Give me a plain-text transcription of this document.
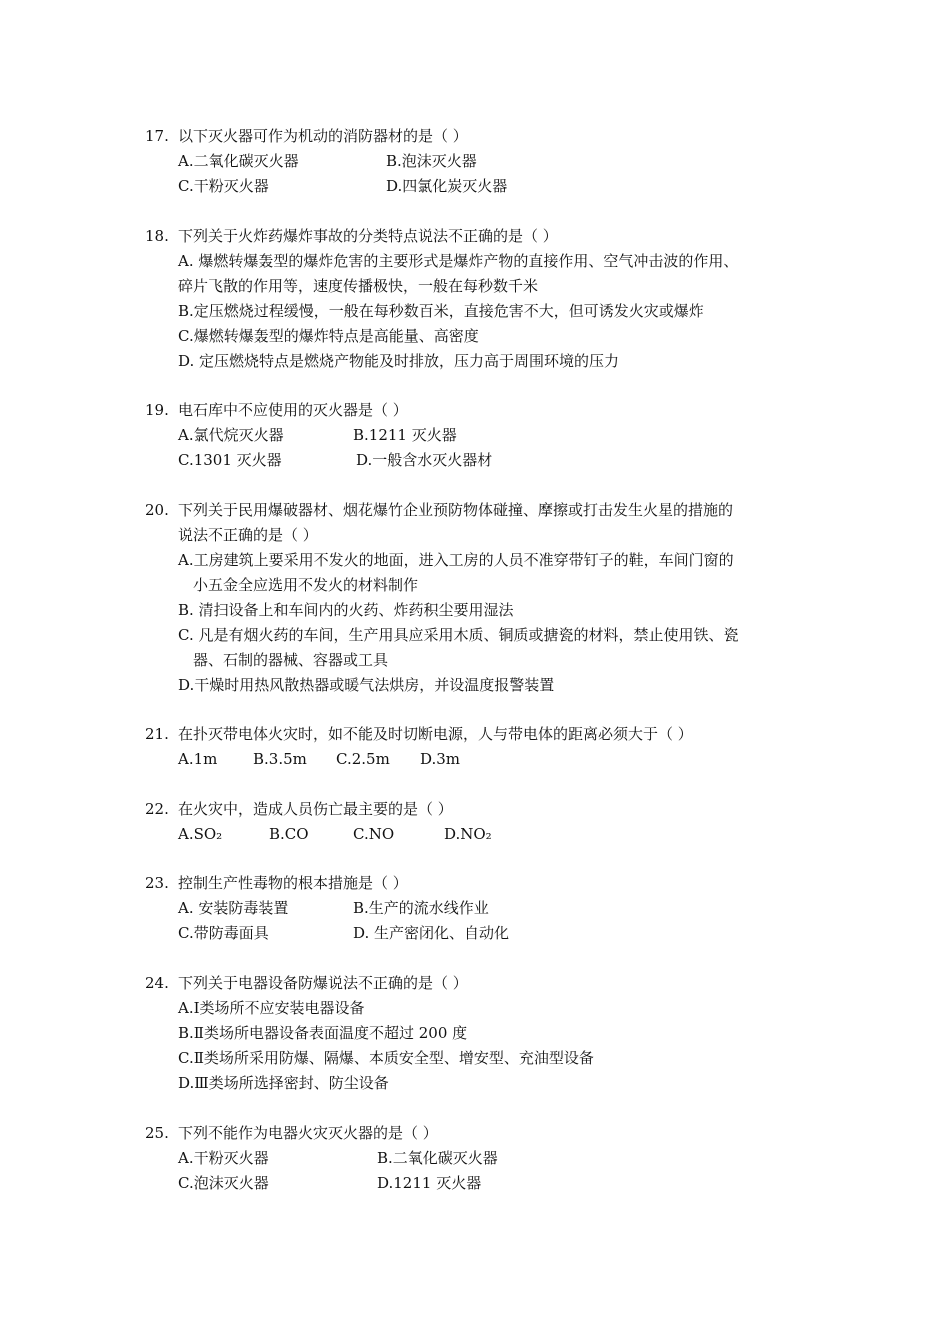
17. 以下灭火器可作为机动的消防器材的是（ ）
A.二氧化碳灭火器	B.泡沫灭火器
C.干粉灭火器	D.四氯化炭灭火器
18. 下列关于火炸药爆炸事故的分类特点说法不正确的是（ ）
A. 爆燃转爆轰型的爆炸危害的主要形式是爆炸产物的直接作用、空气冲击波的作用、
碎片飞散的作用等，速度传播极快，一般在每秒数千米
B.定压燃烧过程缓慢，一般在每秒数百米，直接危害不大，但可诱发火灾或爆炸
C.爆燃转爆轰型的爆炸特点是高能量、高密度
D. 定压燃烧特点是燃烧产物能及时排放，压力高于周围环境的压力
19. 电石库中不应使用的灭火器是（ ）
A.氯代烷灭火器	B.1211 灭火器
C.1301 灭火器	D.一般含水灭火器材
20. 下列关于民用爆破器材、烟花爆竹企业预防物体碰撞、摩擦或打击发生火星的措施的
说法不正确的是（ ）
A.工房建筑上要采用不发火的地面，进入工房的人员不准穿带钉子的鞋，车间门窗的
小五金全应选用不发火的材料制作
B. 清扫设备上和车间内的火药、炸药积尘要用湿法
C. 凡是有烟火药的车间，生产用具应采用木质、铜质或搪瓷的材料，禁止使用铁、瓷
器、石制的器械、容器或工具
D.干燥时用热风散热器或暖气法烘房，并设温度报警装置
21. 在扑灭带电体火灾时，如不能及时切断电源，人与带电体的距离必须大于（ ）
A.1m B.3.5m C.2.5m D.3m
22. 在火灾中，造成人员伤亡最主要的是（ ）
A.SO₂	B.CO	C.NO	D.NO₂
23. 控制生产性毒物的根本措施是（ ）
A. 安装防毒装置	B.生产的流水线作业
C.带防毒面具	D. 生产密闭化、自动化
24. 下列关于电器设备防爆说法不正确的是（ ）
A.Ⅰ类场所不应安装电器设备
B.Ⅱ类场所电器设备表面温度不超过 200 度
C.Ⅱ类场所采用防爆、隔爆、本质安全型、增安型、充油型设备
D.Ⅲ类场所选择密封、防尘设备
25. 下列不能作为电器火灾灭火器的是（ ）
A.干粉灭火器	B.二氧化碳灭火器
C.泡沫灭火器	D.1211 灭火器
